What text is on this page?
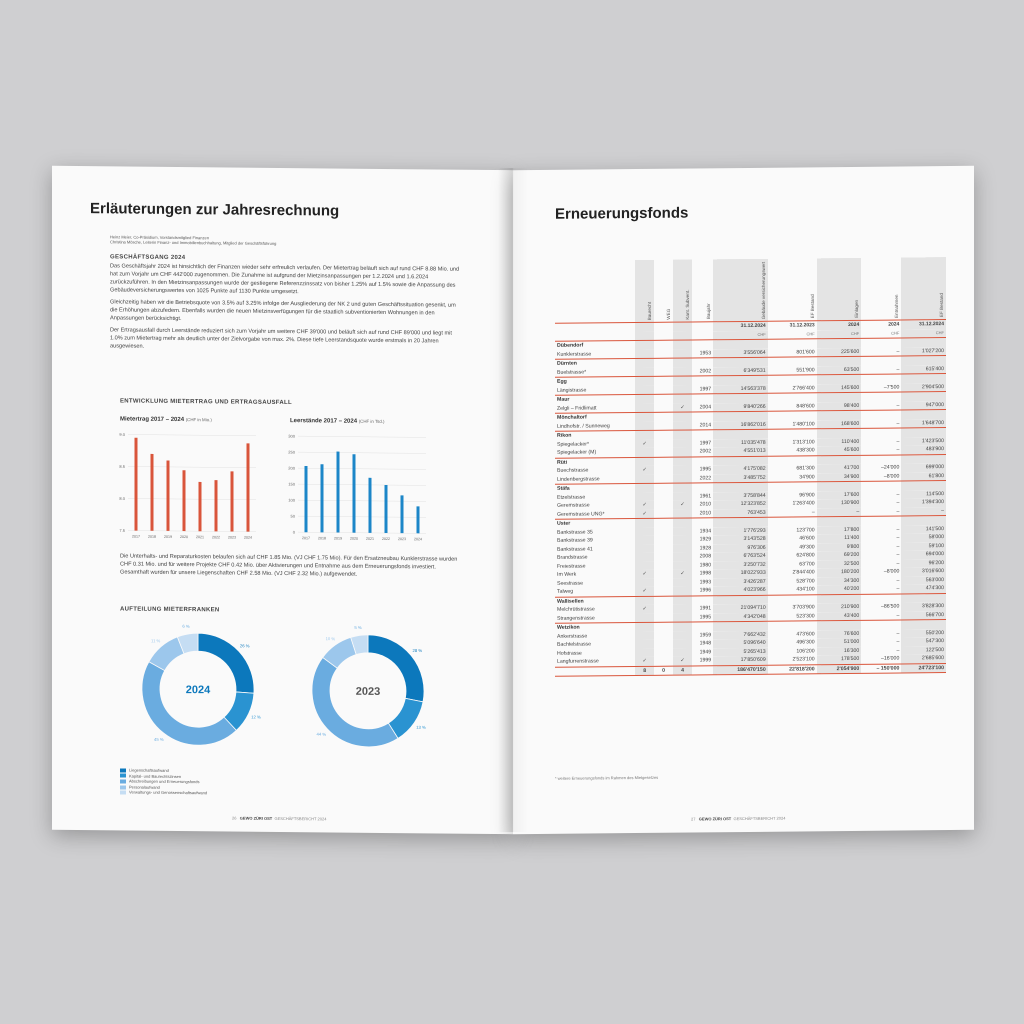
Erläuterungen zur Jahresrechnung
Heinz Meier, Co-Präsidium, Vorstandsmitglied Finanzen
Christina Mösche, Leiterin Finanz- und Immobilienbuchhaltung, Mitglied der Geschäftsführung
GESCHÄFTSGANG 2024

Das Geschäftsjahr 2024 ist hinsichtlich der Finanzen wieder sehr erfreulich verlaufen. Der Mietertrag beläuft sich auf rund CHF 8.88 Mio. und hat zum Vorjahr um CHF 442'000 zugenommen. Die Zunahme ist aufgrund der Mietzinsanpassungen per 1.2.2024 und 1.6.2024 zurückzuführen. In den Mietzinsanpassungen wurde der gestiegene Referenzzinssatz von bisher 1.25% auf 1.5% sowie die Anpassung des Gebäudeversicherungswertes von 1025 Punkte auf 1130 Punkte umgesetzt.

Gleichzeitig haben wir die Betriebsquote von 3.5% auf 3.25% infolge der Ausgliederung der NK 2 und guten Geschäftssituation gesenkt, um die Erhöhungen abzufedern. Ebenfalls wurden die neuen Mietzinsverfügungen für die staatlich subventionierten Wohnungen in den Anpassungen berücksichtigt.

Der Ertragsausfall durch Leerstände reduziert sich zum Vorjahr um weitere CHF 39'000 und beläuft sich auf rund CHF 89'000 und liegt mit 1.0% zum Mietertrag mehr als deutlich unter der Zielvorgabe von max. 2%. Diese tiefe Leerstandsquote wurde erstmals in 20 Jahren ausgewiesen.

ENTWICKLUNG MIETERTRAG UND ERTRAGSAUSFALL
Mietertrag 2017 – 2024 (CHF in Mio.)
9.0
8.5
8.0
7.5
2017 2018 2019 2020 2021 2022 2023 2024
Leerstände 2017 – 2024 (CHF in Tsd.)
300
250
200
150
100
50
0
2017 2018 2019 2020 2021 2022 2023 2024
Die Unterhalts- und Reparaturkosten belaufen sich auf CHF 1.85 Mio. (VJ CHF 1.75 Mio). Für den Ersatzneubau Kunklerstrasse wurden CHF 0.31 Mio. und für weitere Projekte CHF 0.42 Mio. über Aktivierungen und Entnahme aus dem Erneuerungsfonds investiert. Gesamthaft wurden für unsere Liegenschaften CHF 2.58 Mio. (VJ CHF 2.32 Mio.) aufgewendet.
AUFTEILUNG MIETERFRANKEN
26 %
12 %
45 %
11 %
6 %
2024
28 %
13 %
44 %
10 %
5 %
2023
Liegenschaftsaufwand
Kapital- und Baurechtszinsen
Abschreibungen und Erneuerungsfonds
Personalaufwand
Verwaltungs- und Genossenschaftsaufwand
26 GEWO ZÜRI OST GESCHÄFTSBERICHT 2024
Erneuerungsfonds
	Baurecht	WEG	Kant. Subvent.	Baujahr	Gebäude versicherungswert	EF Bestand	Einlagen	Entnahmen	EF Bestand
					31.12.2024	31.12.2023	2024	2024	31.12.2024
					CHF	CHF	CHF	CHF	CHF
Dübendorf									
Kunklerstrasse				1953	3'556'064	801'600	225'600	–	1'027'200
Dürnten									
Buelstrasse*				2002	6'349'531	551'900	63'500	–	615'400
Egg									
Längistrasse				1997	14'563'378	2'766'400	145'600	–7'500	2'904'500
Maur									
Zelgli – Fridlimatt			✓	2004	9'840'266	848'600	98'400	–	947'000
Mönchaltorf									
Lindhofstr. / Sunneweg				2014	16'862'016	1'480'100	168'600	–	1'648'700
Rikon									
Spiegelacker*	✓			1997	11'035'478	1'313'100	110'400	–	1'423'500
Spiegelacker (M)				2002	4'551'013	438'300	45'600	–	483'900
Rüti									
Buechstrasse	✓			1995	4'175'082	681'300	41'700	–24'000	699'000
Lindenbergstrasse				2022	3'485'752	34'900	34'900	–8'000	61'800
Stäfa									
Etzelstrasse				1961	3'758'844	96'900	17'600	–	114'500
Geremstrasse	✓		✓	2010	12'323'852	1'263'400	130'900	–	1'394'300
Geremstrasse UNG*	✓			2010	763'453	–	–	–	–
Uster									
Bankstrasse 35				1934	1'776'293	123'700	17'800	–	141'500
Bankstrasse 39				1929	3'143'528	46'600	11'400	–	58'000
Bankstrasse 41				1928	976'306	49'300	9'800	–	59'100
Brandstrasse				2008	6'763'524	624'800	69'200	–	694'000
Freiestrasse				1980	3'250'732	63'700	32'500	–	96'200
Im Werk	✓		✓	1998	18'022'933	2'844'400	180'200	–8'000	3'016'600
Seestrasse				1993	3'426'287	528'700	34'300	–	563'000
Talweg	✓			1996	4'023'966	434'100	40'200	–	474'300
Wallisellen									
Melchrütistrasse	✓			1991	21'094'710	3'703'900	210'900	–86'500	3'828'300
Strangenstrasse				1995	4'342'048	523'300	43'400	–	566'700
Wetzikon									
Ankerstrasse				1959	7'662'432	473'600	76'600	–	550'200
Bachtelstrasse				1948	5'096'640	496'300	51'000	–	547'300
Hofstrasse				1949	5'265'413	106'200	16'300	–	122'500
Langfurrenstrasse	✓		✓	1999	17'850'609	2'523'100	178'500	–16'000	2'685'600
	8	0	4		186'470'150	22'818'200	2'054'900	– 150'000	24'723'100
* weitere Erneuerungsfonds im Rahmen des Mietgesetzes
27 GEWO ZÜRI OST GESCHÄFTSBERICHT 2024
